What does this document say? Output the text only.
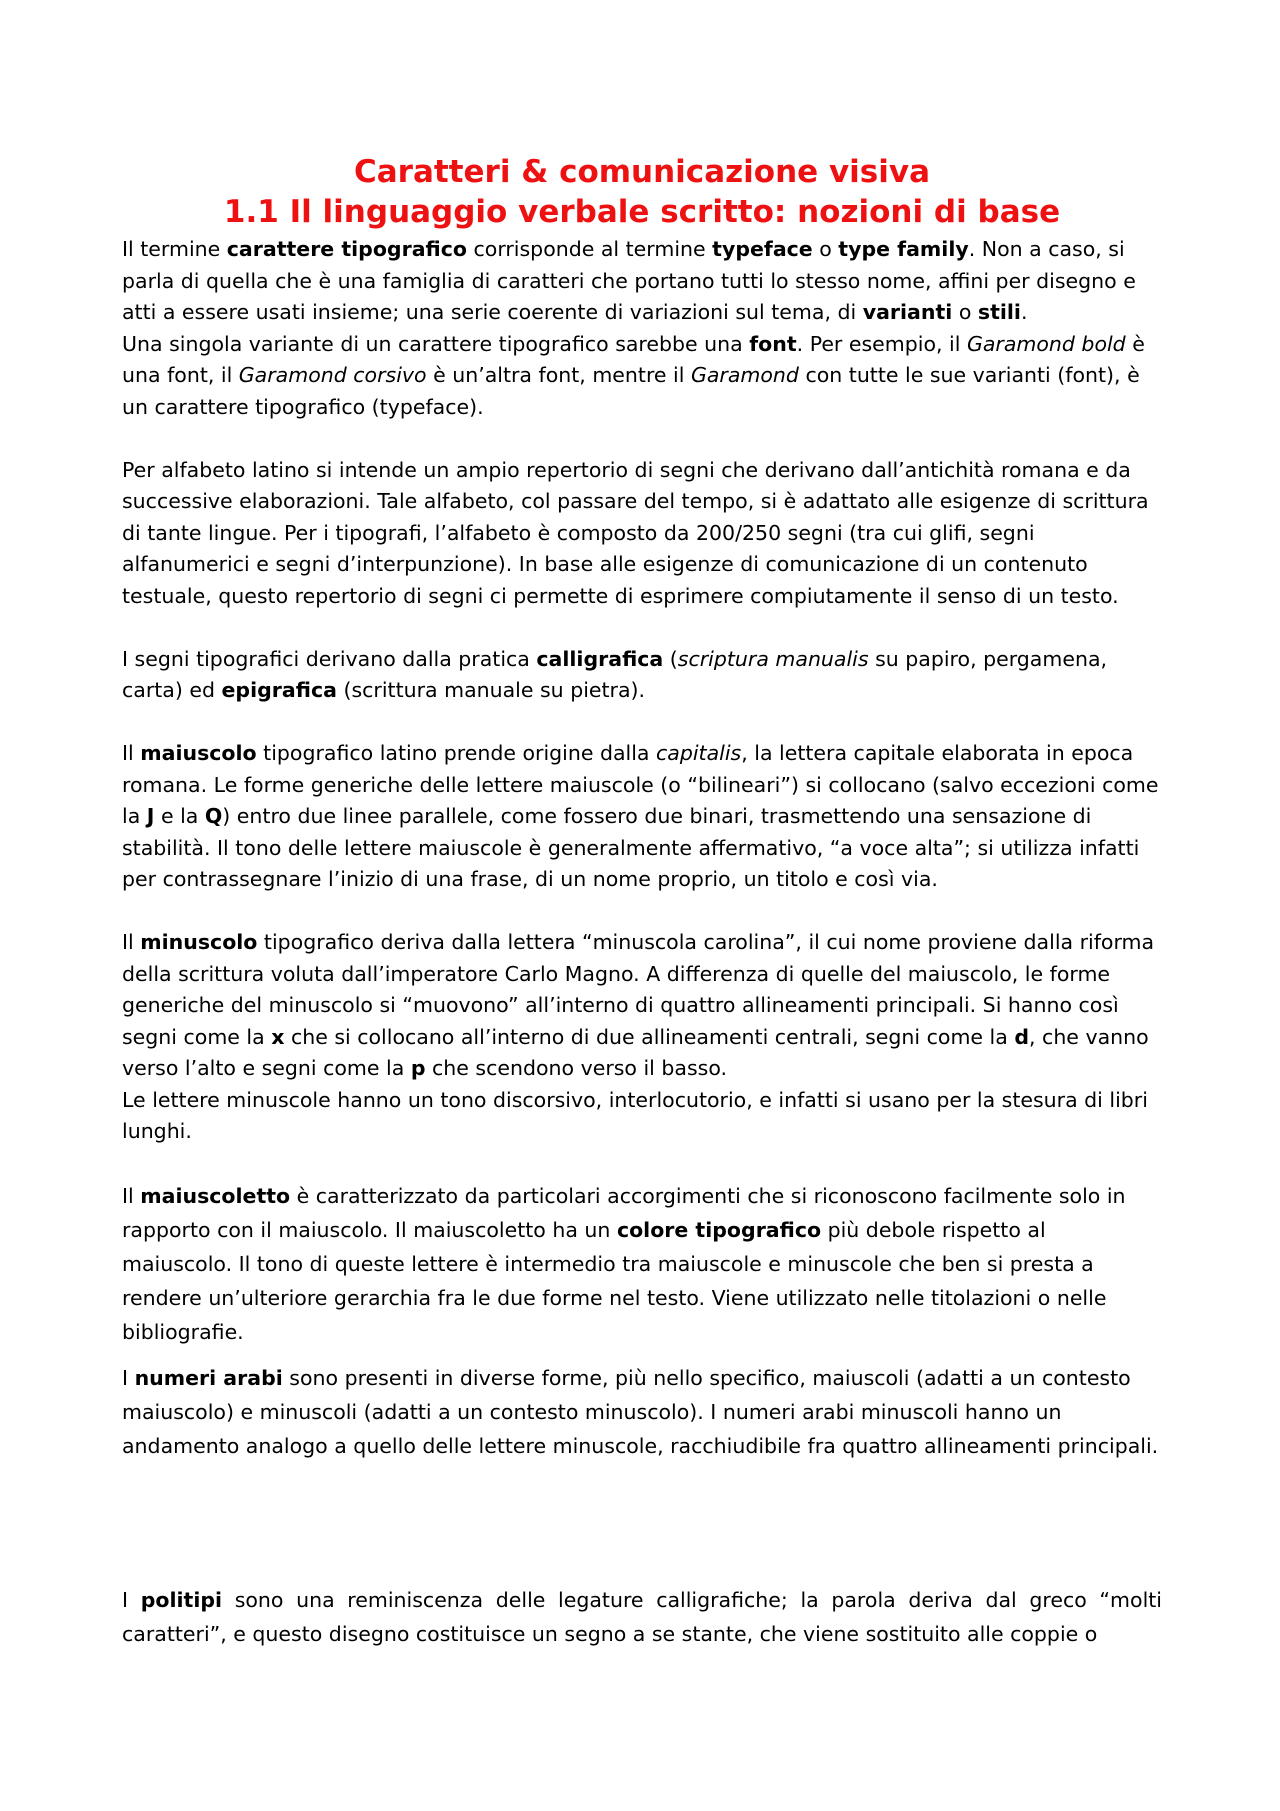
Caratteri & comunicazione visiva
1.1 Il linguaggio verbale scritto: nozioni di base

Il termine carattere tipografico corrisponde al termine typeface o type family. Non a caso, si parla di quella che è una famiglia di caratteri che portano tutti lo stesso nome, affini per disegno e atti a essere usati insieme; una serie coerente di variazioni sul tema, di varianti o stili.

Una singola variante di un carattere tipografico sarebbe una font. Per esempio, il Garamond bold è una font, il Garamond corsivo è un’altra font, mentre il Garamond con tutte le sue varianti (font), è un carattere tipografico (typeface).

Per alfabeto latino si intende un ampio repertorio di segni che derivano dall’antichità romana e da successive elaborazioni. Tale alfabeto, col passare del tempo, si è adattato alle esigenze di scrittura di tante lingue. Per i tipografi, l’alfabeto è composto da 200/250 segni (tra cui glifi, segni alfanumerici e segni d’interpunzione). In base alle esigenze di comunicazione di un contenuto testuale, questo repertorio di segni ci permette di esprimere compiutamente il senso di un testo.

I segni tipografici derivano dalla pratica calligrafica (scriptura manualis su papiro, pergamena, carta) ed epigrafica (scrittura manuale su pietra).

Il maiuscolo tipografico latino prende origine dalla capitalis, la lettera capitale elaborata in epoca romana. Le forme generiche delle lettere maiuscole (o “bilineari”) si collocano (salvo eccezioni come la J e la Q) entro due linee parallele, come fossero due binari, trasmettendo una sensazione di stabilità. Il tono delle lettere maiuscole è generalmente affermativo, “a voce alta”; si utilizza infatti per contrassegnare l’inizio di una frase, di un nome proprio, un titolo e così via.

Il minuscolo tipografico deriva dalla lettera “minuscola carolina”, il cui nome proviene dalla riforma della scrittura voluta dall’imperatore Carlo Magno. A differenza di quelle del maiuscolo, le forme generiche del minuscolo si “muovono” all’interno di quattro allineamenti principali. Si hanno così segni come la x che si collocano all’interno di due allineamenti centrali, segni come la d, che vanno verso l’alto e segni come la p che scendono verso il basso.

Le lettere minuscole hanno un tono discorsivo, interlocutorio, e infatti si usano per la stesura di libri lunghi.

Il maiuscoletto è caratterizzato da particolari accorgimenti che si riconoscono facilmente solo in rapporto con il maiuscolo. Il maiuscoletto ha un colore tipografico più debole rispetto al maiuscolo. Il tono di queste lettere è intermedio tra maiuscole e minuscole che ben si presta a rendere un’ulteriore gerarchia fra le due forme nel testo. Viene utilizzato nelle titolazioni o nelle bibliografie.

I numeri arabi sono presenti in diverse forme, più nello specifico, maiuscoli (adatti a un contesto maiuscolo) e minuscoli (adatti a un contesto minuscolo). I numeri arabi minuscoli hanno un andamento analogo a quello delle lettere minuscole, racchiudibile fra quattro allineamenti principali.

I politipi sono una reminiscenza delle legature calligrafiche; la parola deriva dal greco “molti caratteri”, e questo disegno costituisce un segno a se stante, che viene sostituito alle coppie o
